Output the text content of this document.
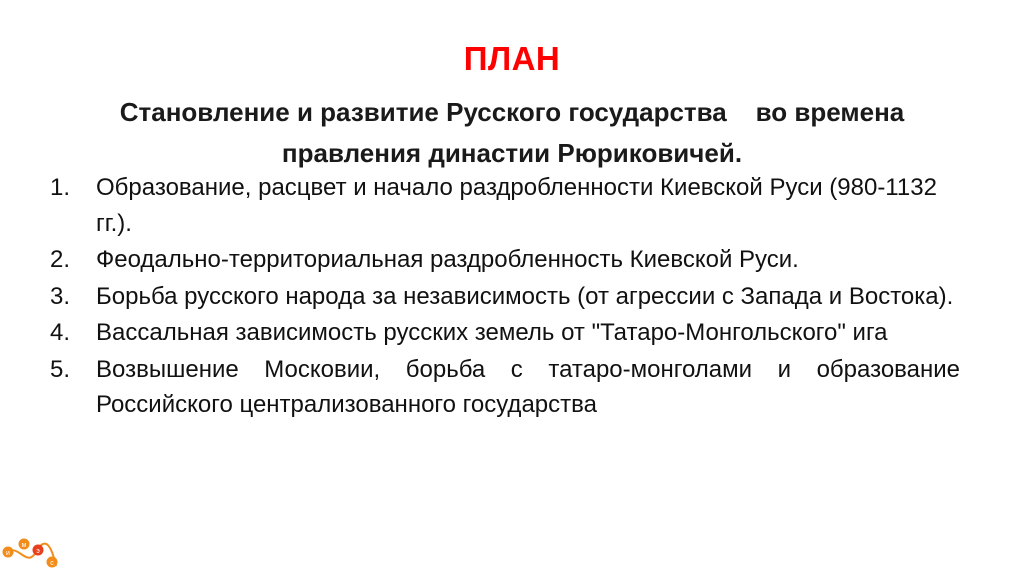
ПЛАН
Становление и развитие Русского государства    во времена
правления династии Рюриковичей.
1. Образование, расцвет и начало раздробленности Киевской Руси (980-1132 гг.).
2. Феодально-территориальная раздробленность Киевской Руси.
3. Борьба русского народа за независимость (от агрессии с Запада и Востока).
4. Вассальная зависимость русских земель от "Татаро-Монгольского" ига
5. Возвышение Московии, борьба с татаро-монголами и образование Российского централизованного государства
и
м
э
с
